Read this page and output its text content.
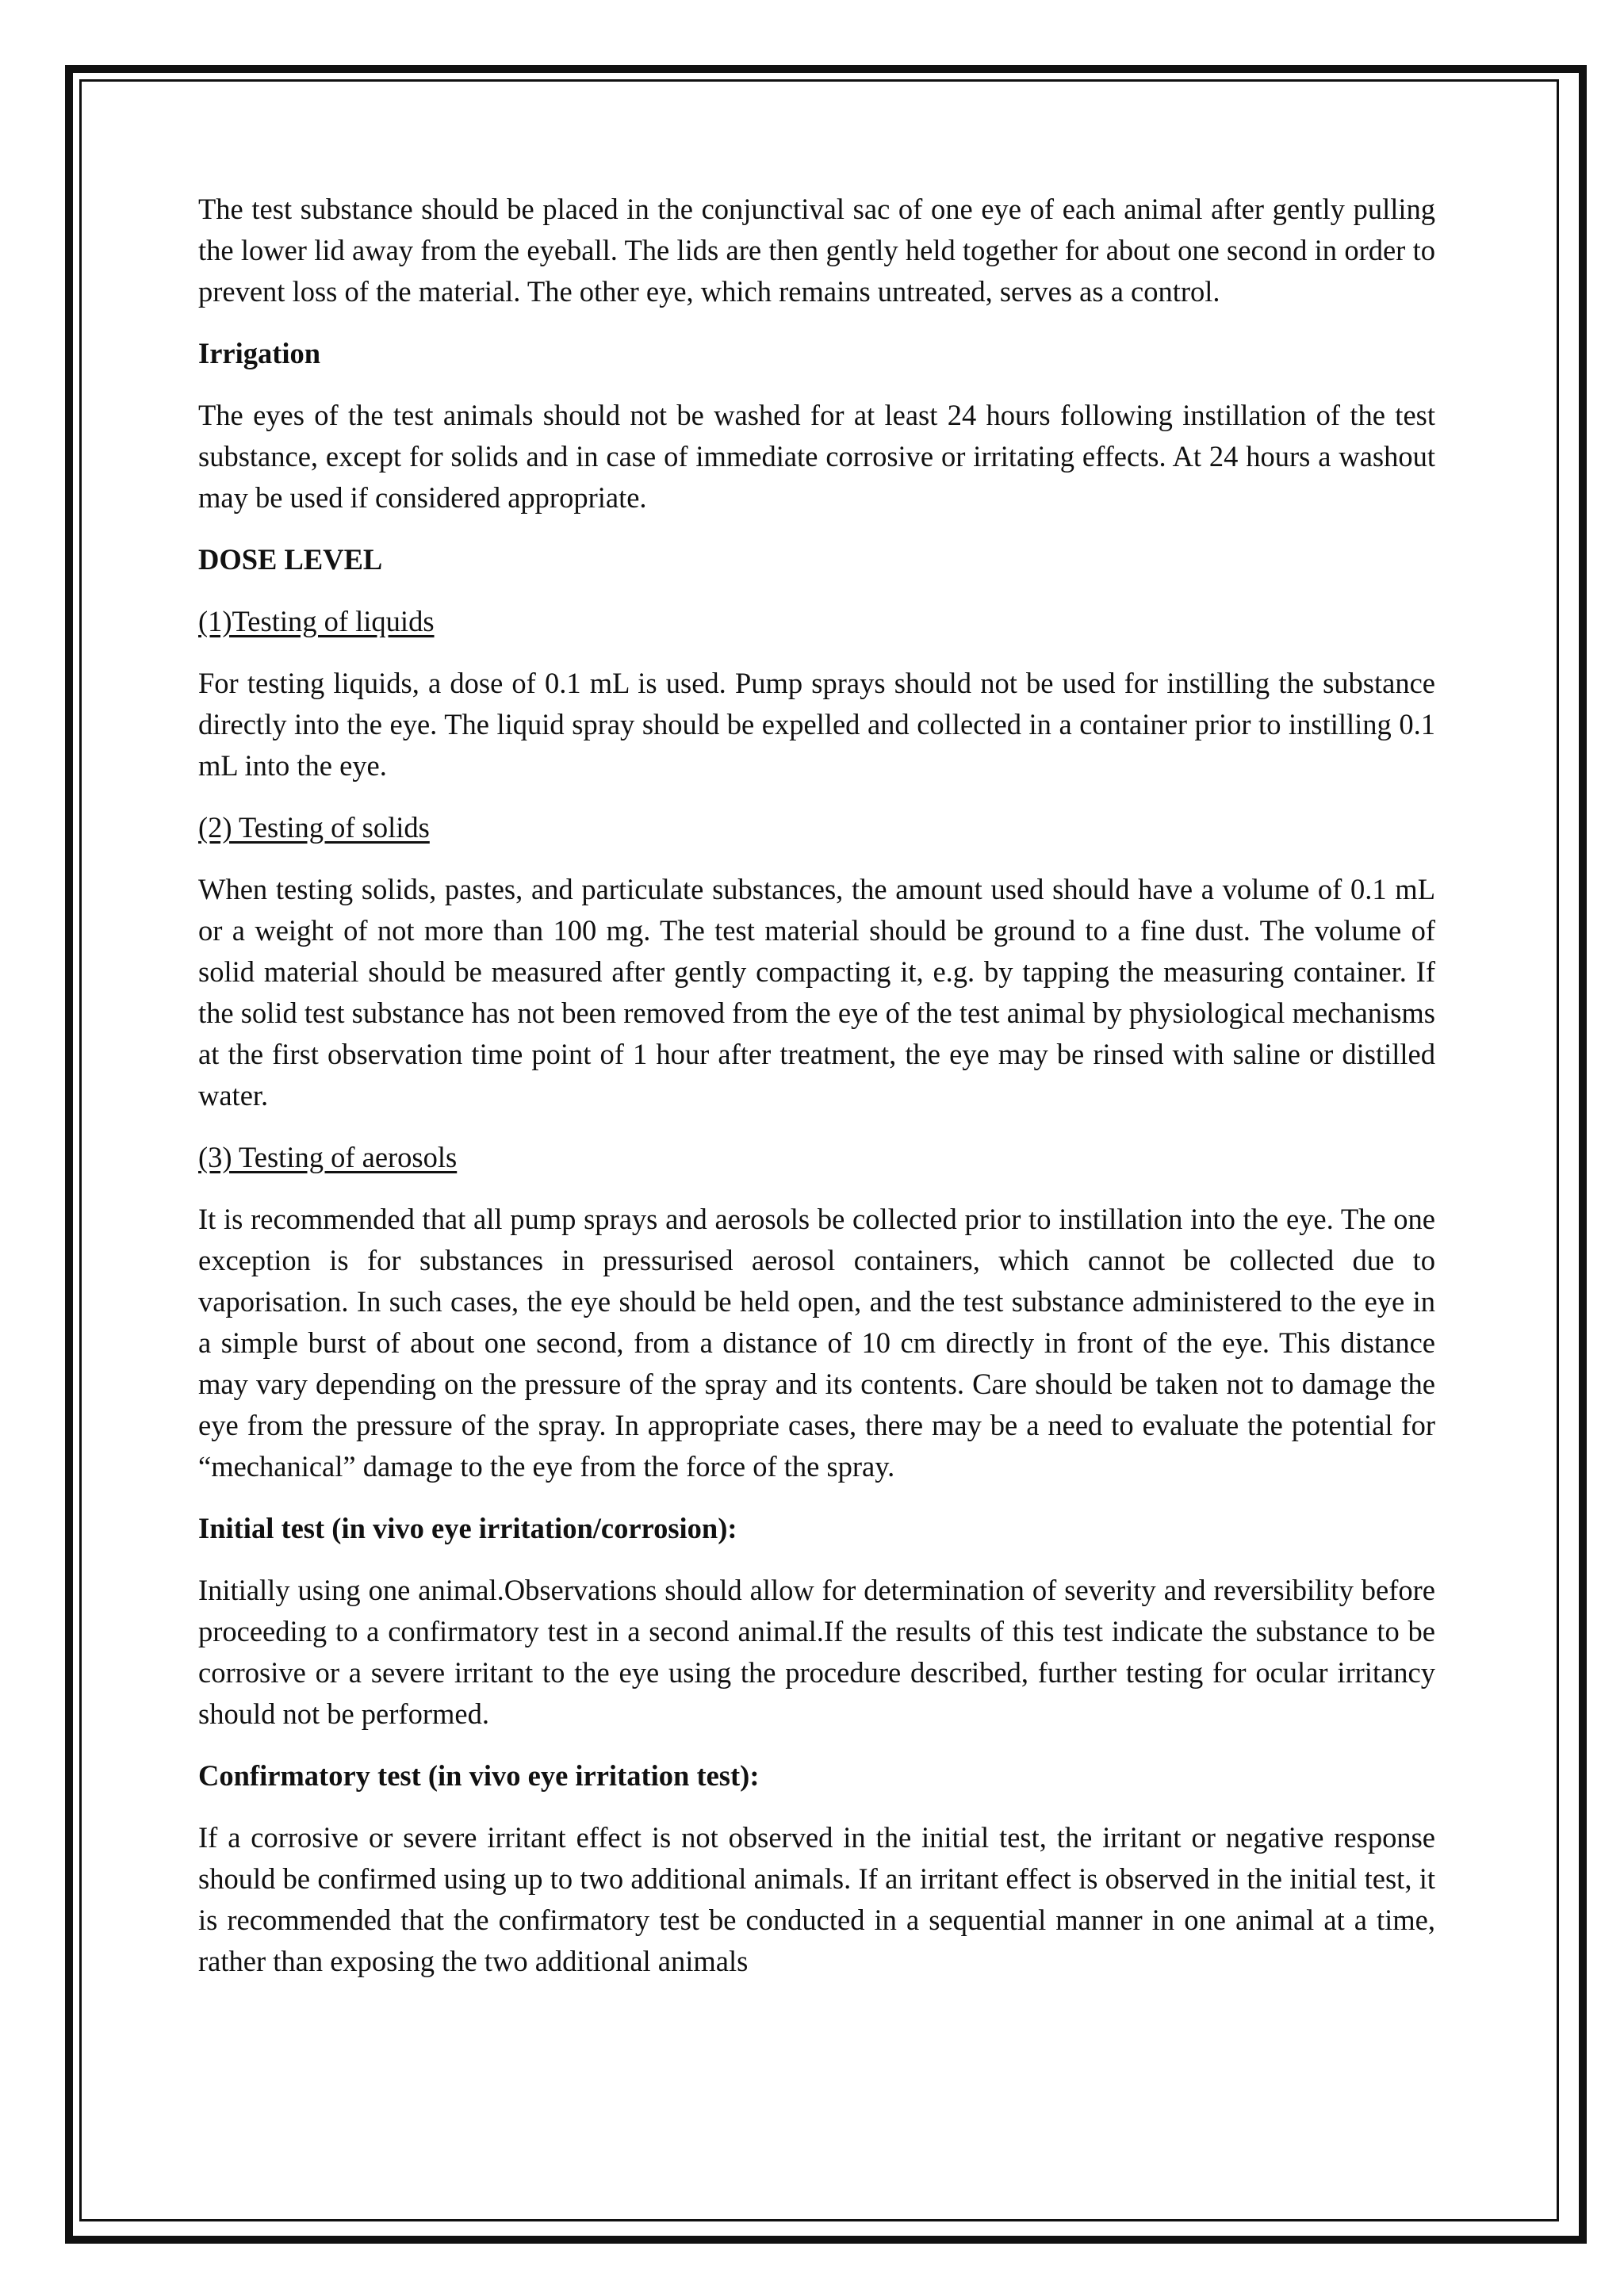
The test substance should be placed in the conjunctival sac of one eye of each animal after gently pulling the lower lid away from the eyeball. The lids are then gently held together for about one second in order to prevent loss of the material. The other eye, which remains untreated, serves as a control.

Irrigation

The eyes of the test animals should not be washed for at least 24 hours following instillation of the test substance, except for solids and in case of immediate corrosive or irritating effects. At 24 hours a washout may be used if considered appropriate.

DOSE LEVEL

(1)Testing of liquids

For testing liquids, a dose of 0.1 mL is used. Pump sprays should not be used for instilling the substance directly into the eye. The liquid spray should be expelled and collected in a container prior to instilling 0.1 mL into the eye.

(2) Testing of solids

When testing solids, pastes, and particulate substances, the amount used should have a volume of 0.1 mL or a weight of not more than 100 mg. The test material should be ground to a fine dust. The volume of solid material should be measured after gently compacting it, e.g. by tapping the measuring container. If the solid test substance has not been removed from the eye of the test animal by physiological mechanisms at the first observation time point of 1 hour after treatment, the eye may be rinsed with saline or distilled water.

(3) Testing of aerosols

It is recommended that all pump sprays and aerosols be collected prior to instillation into the eye. The one exception is for substances in pressurised aerosol containers, which cannot be collected due to vaporisation. In such cases, the eye should be held open, and the test substance administered to the eye in a simple burst of about one second, from a distance of 10 cm directly in front of the eye. This distance may vary depending on the pressure of the spray and its contents. Care should be taken not to damage the eye from the pressure of the spray. In appropriate cases, there may be a need to evaluate the potential for “mechanical” damage to the eye from the force of the spray.

Initial test (in vivo eye irritation/corrosion):

Initially using one animal.Observations should allow for determination of severity and reversibility before proceeding to a confirmatory test in a second animal.If the results of this test indicate the substance to be corrosive or a severe irritant to the eye using the procedure described, further testing for ocular irritancy should not be performed.

Confirmatory test (in vivo eye irritation test):

If a corrosive or severe irritant effect is not observed in the initial test, the irritant or negative response should be confirmed using up to two additional animals. If an irritant effect is observed in the initial test, it is recommended that the confirmatory test be conducted in a sequential manner in one animal at a time, rather than exposing the two additional animals
